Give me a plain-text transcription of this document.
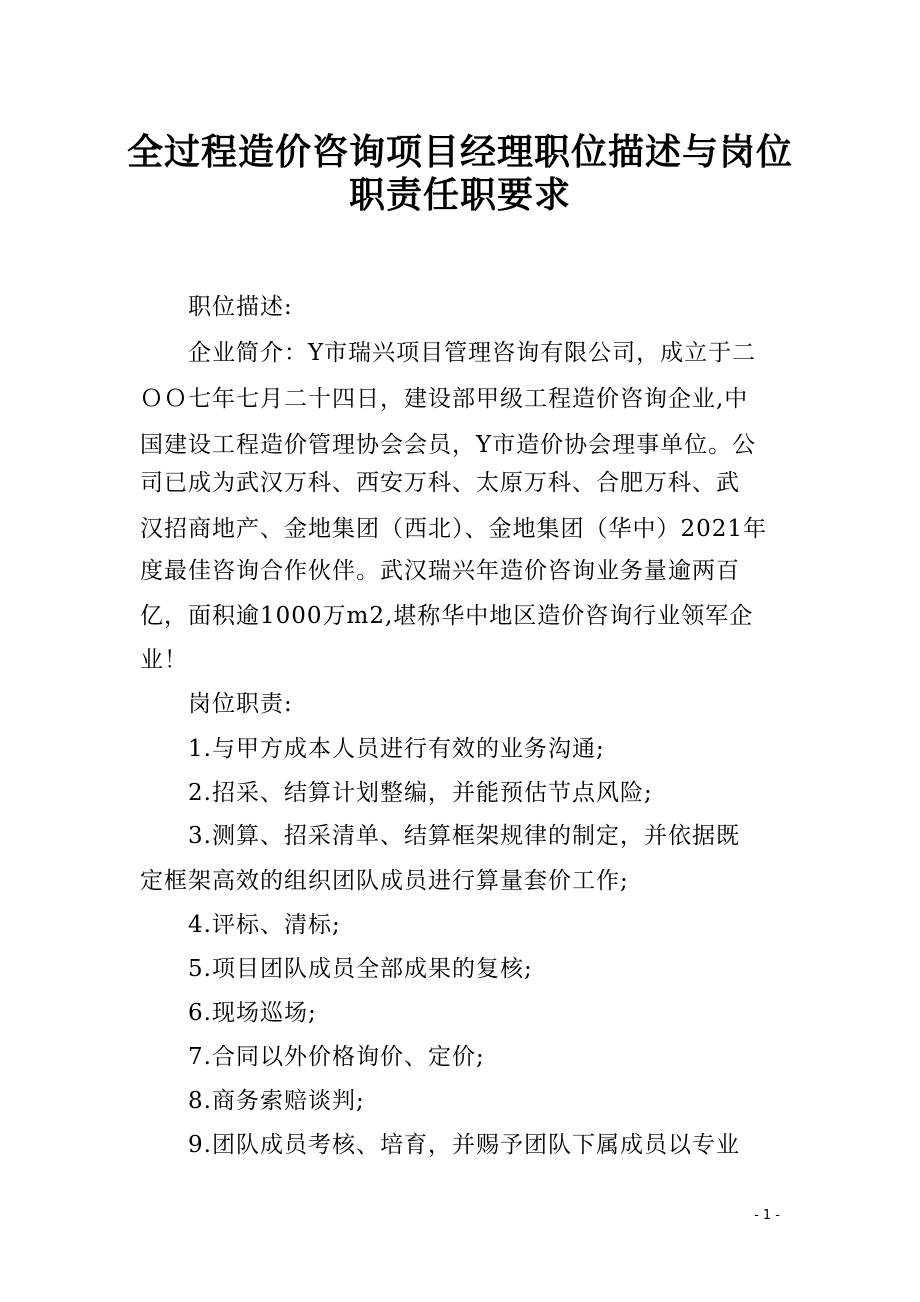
全过程造价咨询项目经理职位描述与岗位
职责任职要求
职位描述:
企业简介：Y市瑞兴项目管理咨询有限公司，成立于二
ＯＯ七年七月二十四日，建设部甲级工程造价咨询企业,中
国建设工程造价管理协会会员，Y市造价协会理事单位。公
司已成为武汉万科、西安万科、太原万科、合肥万科、武
汉招商地产、金地集团（西北）、金地集团（华中）2021年
度最佳咨询合作伙伴。武汉瑞兴年造价咨询业务量逾两百
亿，面积逾1000万m2,堪称华中地区造价咨询行业领军企
业！
岗位职责:
1.与甲方成本人员进行有效的业务沟通;
2.招采、结算计划整编，并能预估节点风险;
3.测算、招采清单、结算框架规律的制定，并依据既
定框架高效的组织团队成员进行算量套价工作;
4.评标、清标;
5.项目团队成员全部成果的复核;
6.现场巡场;
7.合同以外价格询价、定价;
8.商务索赔谈判;
9.团队成员考核、培育，并赐予团队下属成员以专业
- 1 -
